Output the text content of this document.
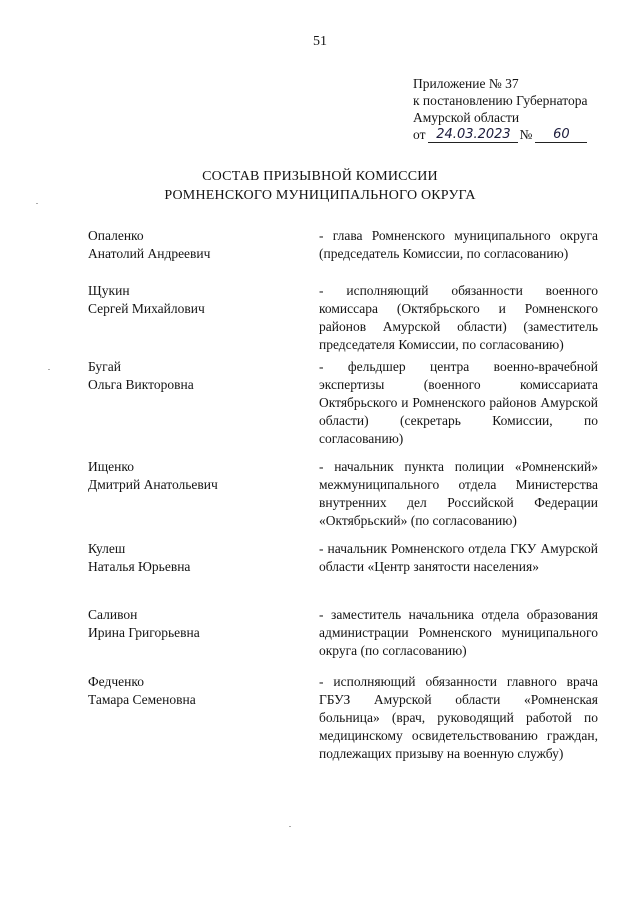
51
Приложение № 37
к постановлению Губернатора
Амурской области
от 24.03.2023 №	60
СОСТАВ ПРИЗЫВНОЙ КОМИССИИ
РОМНЕНСКОГО МУНИЦИПАЛЬНОГО ОКРУГА
Опаленко
Анатолий Андреевич
- глава Ромненского муниципального округа (председатель Комиссии, по согласованию)
Щукин
Сергей Михайлович
- исполняющий обязанности военного комиссара (Октябрьского и Ромненского районов Амурской области) (заместитель председателя Комиссии, по согласованию)
Бугай
Ольга Викторовна
- фельдшер центра военно-врачебной экспертизы (военного комиссариата Октябрьского и Ромненского районов Амурской области) (секретарь Комиссии, по согласованию)
Ищенко
Дмитрий Анатольевич
- начальник пункта полиции «Ромненский» межмуниципального отдела Министерства внутренних дел Российской Федерации «Октябрьский» (по согласованию)
Кулеш
Наталья Юрьевна
- начальник Ромненского отдела ГКУ Амурской области «Центр занятости населения»
Саливон
Ирина Григорьевна
- заместитель начальника отдела образования администрации Ромненского муниципального округа (по согласованию)
Федченко
Тамара Семеновна
- исполняющий обязанности главного врача ГБУЗ Амурской области «Ромненская больница» (врач, руководящий работой по медицинскому освидетельствованию граждан, подлежащих призыву на военную службу)
